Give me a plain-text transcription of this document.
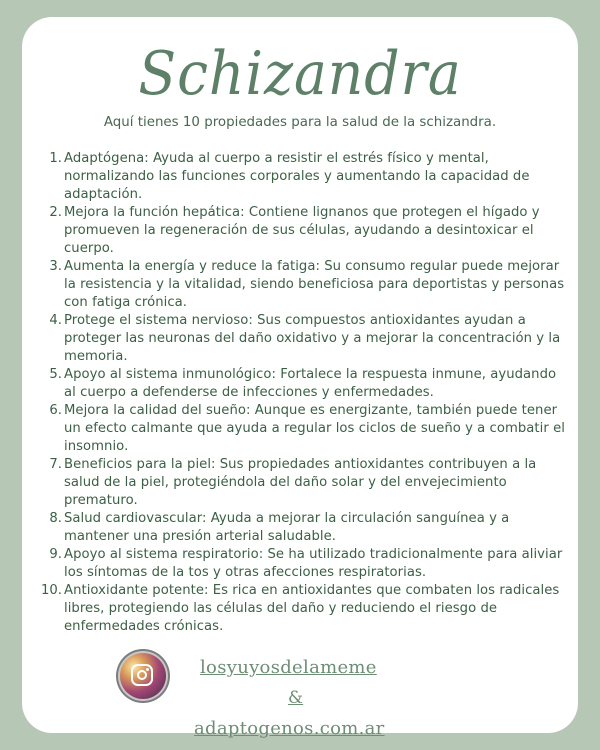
Schizandra
Aquí tienes 10 propiedades para la salud de la schizandra.
1. Adaptógena: Ayuda al cuerpo a resistir el estrés físico y mental, normalizando las funciones corporales y aumentando la capacidad de adaptación.
2. Mejora la función hepática: Contiene lignanos que protegen el hígado y promueven la regeneración de sus células, ayudando a desintoxicar el cuerpo.
3. Aumenta la energía y reduce la fatiga: Su consumo regular puede mejorar la resistencia y la vitalidad, siendo beneficiosa para deportistas y personas con fatiga crónica.
4. Protege el sistema nervioso: Sus compuestos antioxidantes ayudan a proteger las neuronas del daño oxidativo y a mejorar la concentración y la memoria.
5. Apoyo al sistema inmunológico: Fortalece la respuesta inmune, ayudando al cuerpo a defenderse de infecciones y enfermedades.
6. Mejora la calidad del sueño: Aunque es energizante, también puede tener un efecto calmante que ayuda a regular los ciclos de sueño y a combatir el insomnio.
7. Beneficios para la piel: Sus propiedades antioxidantes contribuyen a la salud de la piel, protegiéndola del daño solar y del envejecimiento prematuro.
8. Salud cardiovascular: Ayuda a mejorar la circulación sanguínea y a mantener una presión arterial saludable.
9. Apoyo al sistema respiratorio: Se ha utilizado tradicionalmente para aliviar los síntomas de la tos y otras afecciones respiratorias.
10. Antioxidante potente: Es rica en antioxidantes que combaten los radicales libres, protegiendo las células del daño y reduciendo el riesgo de enfermedades crónicas.
losyuyosdelameme
&
adaptogenos.com.ar
